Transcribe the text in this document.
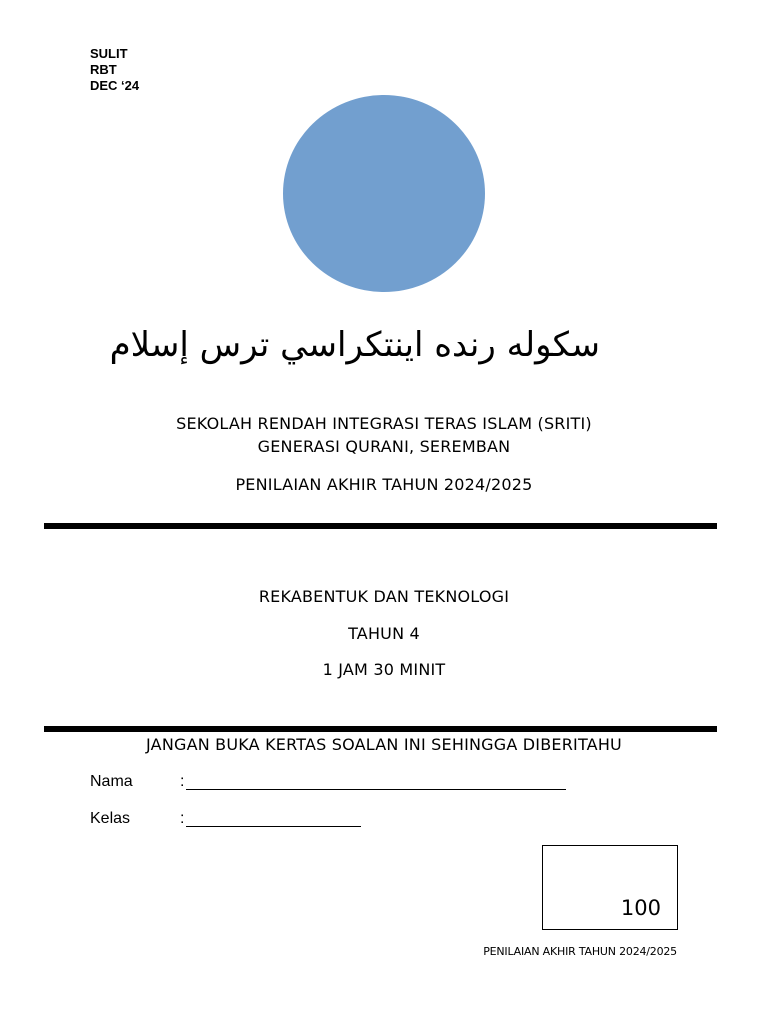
SULIT
RBT
DEC ‘24
سكوله رنده اينتكراسي ترس إسلام
SEKOLAH RENDAH INTEGRASI TERAS ISLAM (SRITI)
GENERASI QURANI, SEREMBAN
PENILAIAN AKHIR TAHUN 2024/2025
REKABENTUK DAN TEKNOLOGI
TAHUN 4
1 JAM 30 MINIT
JANGAN BUKA KERTAS SOALAN INI SEHINGGA DIBERITAHU
Nama	:
Kelas	:
100
PENILAIAN AKHIR TAHUN 2024/2025
